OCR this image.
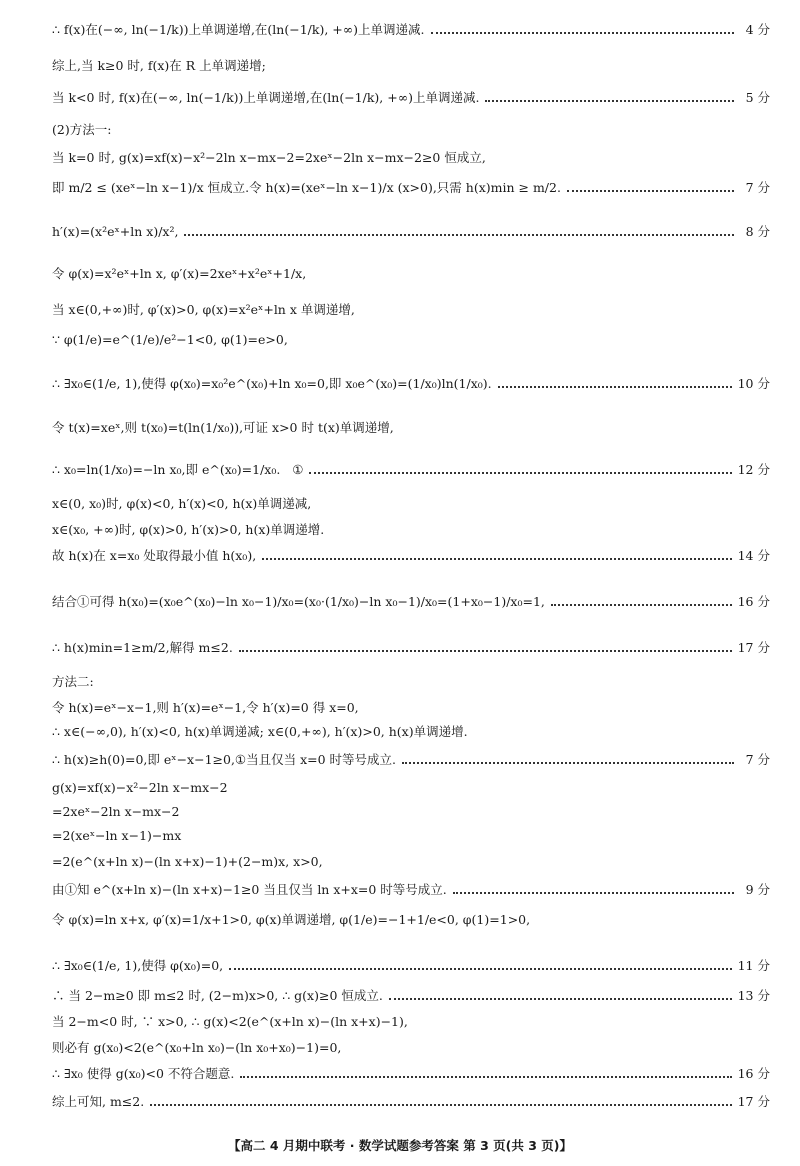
∴ f(x)在(−∞, ln(−1/k))上单调递增,在(ln(−1/k), +∞)上单调递减.	4 分
综上,当 k≥0 时, f(x)在 R 上单调递增;
当 k<0 时, f(x)在(−∞, ln(−1/k))上单调递增,在(ln(−1/k), +∞)上单调递减.	5 分
(2)方法一:
当 k=0 时, g(x)=xf(x)−x²−2ln x−mx−2=2xeˣ−2ln x−mx−2≥0 恒成立,
即 m/2 ≤ (xeˣ−ln x−1)/x 恒成立.令 h(x)=(xeˣ−ln x−1)/x (x>0),只需 h(x)min ≥ m/2.	7 分
h′(x)=(x²eˣ+ln x)/x²,	8 分
令 φ(x)=x²eˣ+ln x, φ′(x)=2xeˣ+x²eˣ+1/x,
当 x∈(0,+∞)时, φ′(x)>0, φ(x)=x²eˣ+ln x 单调递增,
∵ φ(1/e)=e^(1/e)/e²−1<0, φ(1)=e>0,
∴ ∃x₀∈(1/e, 1),使得 φ(x₀)=x₀²e^(x₀)+ln x₀=0,即 x₀e^(x₀)=(1/x₀)ln(1/x₀).	10 分
令 t(x)=xeˣ,则 t(x₀)=t(ln(1/x₀)),可证 x>0 时 t(x)单调递增,
∴ x₀=ln(1/x₀)=−ln x₀,即 e^(x₀)=1/x₀.   ①	12 分
x∈(0, x₀)时, φ(x)<0, h′(x)<0, h(x)单调递减,
x∈(x₀, +∞)时, φ(x)>0, h′(x)>0, h(x)单调递增.
故 h(x)在 x=x₀ 处取得最小值 h(x₀),	14 分
结合①可得 h(x₀)=(x₀e^(x₀)−ln x₀−1)/x₀=(x₀·(1/x₀)−ln x₀−1)/x₀=(1+x₀−1)/x₀=1,	16 分
∴ h(x)min=1≥m/2,解得 m≤2.	17 分
方法二:
令 h(x)=eˣ−x−1,则 h′(x)=eˣ−1,令 h′(x)=0 得 x=0,
∴ x∈(−∞,0), h′(x)<0, h(x)单调递减; x∈(0,+∞), h′(x)>0, h(x)单调递增.
∴ h(x)≥h(0)=0,即 eˣ−x−1≥0,①当且仅当 x=0 时等号成立.	7 分
g(x)=xf(x)−x²−2ln x−mx−2
=2xeˣ−2ln x−mx−2
=2(xeˣ−ln x−1)−mx
=2(e^(x+ln x)−(ln x+x)−1)+(2−m)x, x>0,
由①知 e^(x+ln x)−(ln x+x)−1≥0 当且仅当 ln x+x=0 时等号成立.	9 分
令 φ(x)=ln x+x, φ′(x)=1/x+1>0, φ(x)单调递增, φ(1/e)=−1+1/e<0, φ(1)=1>0,
∴ ∃x₀∈(1/e, 1),使得 φ(x₀)=0,	11 分
∴ 当 2−m≥0 即 m≤2 时, (2−m)x>0, ∴ g(x)≥0 恒成立.	13 分
当 2−m<0 时, ∵ x>0, ∴ g(x)<2(e^(x+ln x)−(ln x+x)−1),
则必有 g(x₀)<2(e^(x₀+ln x₀)−(ln x₀+x₀)−1)=0,
∴ ∃x₀ 使得 g(x₀)<0 不符合题意.	16 分
综上可知, m≤2.	17 分
【高二 4 月期中联考 · 数学试题参考答案 第 3 页(共 3 页)】
